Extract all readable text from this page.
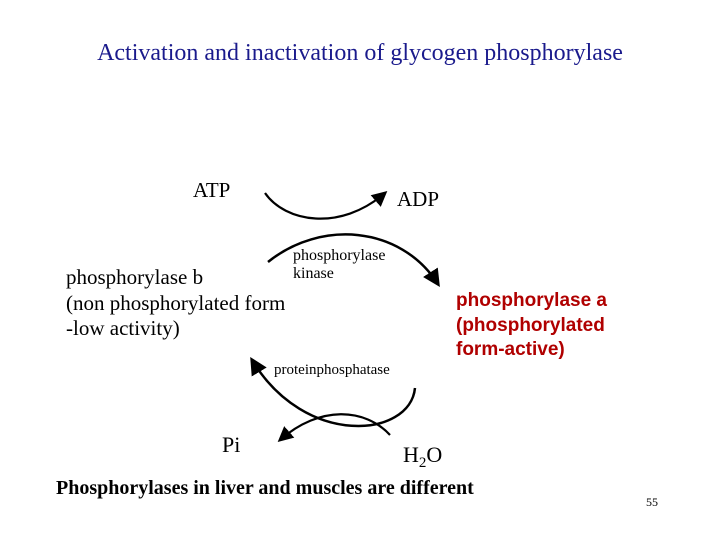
Activation and inactivation of glycogen phosphorylase
ATP	ADP
phosphorylase
kinase
phosphorylase b
(non phosphorylated form
-low activity)
phosphorylase a
(phosphorylated
form-active)
proteinphosphatase
Pi	$H_2O$
Phosphorylases in liver and muscles are different
55
